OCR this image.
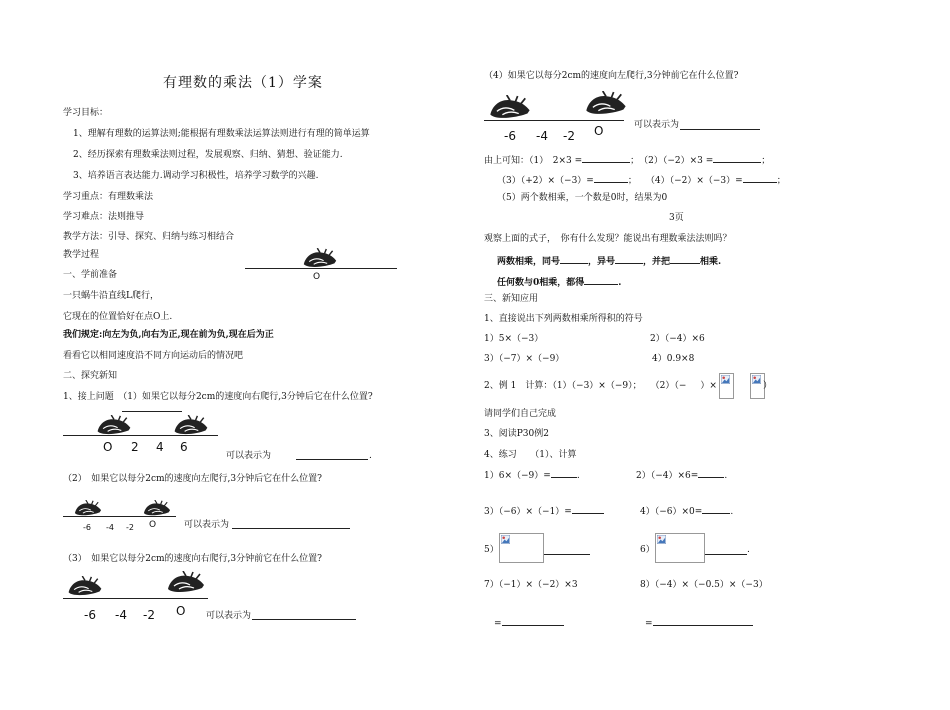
有理数的乘法（1）学案
学习目标：
1、理解有理数的运算法则;能根据有理数乘法运算法则进行有理的简单运算
2、经历探索有理数乘法则过程，发展观察、归纳、猜想、验证能力.
3、培养语言表达能力.调动学习积极性，培养学习数学的兴趣.
学习重点：有理数乘法
学习难点：法则推导
教学方法：引导、探究、归纳与练习相结合
教学过程
一、学前准备	O
一只蜗牛沿直线L爬行，
它现在的位置恰好在点O上.
我们规定:向左为负,向右为正,现在前为负,现在后为正
看看它以相同速度沿不同方向运动后的情况吧
二、探究新知
1、接上问题　（1）如果它以每分2cm的速度向右爬行,3分钟后它在什么位置?
O 2 4 6
可以表示为	.
（2）　如果它以每分2cm的速度向左爬行,3分钟后它在什么位置?
-6 -4 -2 O	可以表示为
（3）　如果它以每分2cm的速度向右爬行,3分钟前它在什么位置?
-6 -4 -2 O 可以表示为
（4）如果它以每分2cm的速度向左爬行,3分钟前它在什么位置?
-6 -4 -2 O	可以表示为
由上可知：（1）　2×3 =	；　（2）（−2）×3 =	；
（3）（+2）×（−3）=	；　　（4）（−2）×（−3）=	；
（5）两个数相乘，一个数是0时，结果为0
3页
观察上面的式子，　你有什么发现？能说出有理数乘法法则吗？
两数相乘，同号	，异号	，并把	相乘.
任何数与0相乘，都得	.
三、新知应用
1、直接说出下列两数相乘所得积的符号
1）5×（−3）	2）（−4）×6
3）（−7）×（−9）	4）0.9×8
2、例 1　计算：（1）（−3）×（−9）；　　（2）（− ）×	）
请同学们自己完成
3、阅读P30例2
4、练习　　（1）、计算
1）6×（−9）=	.	2）（−4）×6=	.
3）（−6）×（−1）=	4）（−6）×0=	.
5）	6）	.
7）（−1）×（−2）×3	8）（−4）×（−0.5）×（−3）
=	=
